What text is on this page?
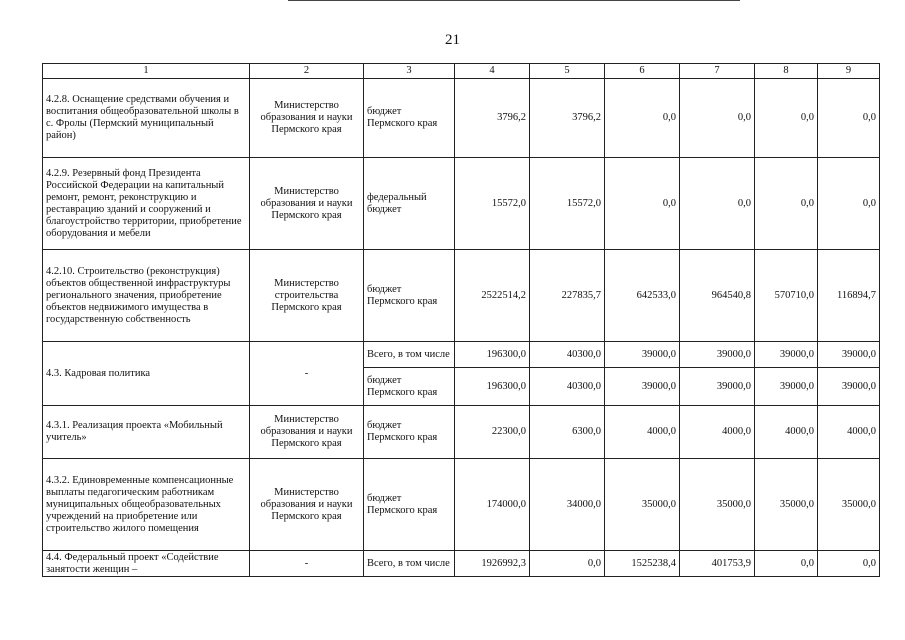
21
1	2	3	4	5	6	7	8	9
4.2.8. Оснащение средствами обучения и воспитания общеобразовательной школы в с. Фролы (Пермский муниципальный район)	Министерство образования и науки Пермского края	бюджет Пермского края	3796,2	3796,2	0,0	0,0	0,0	0,0
4.2.9. Резервный фонд Президента Российской Федерации на капитальный ремонт, ремонт, реконструкцию и реставрацию зданий и сооружений и благоустройство территории, приобретение оборудования и мебели	Министерство образования и науки Пермского края	федеральный бюджет	15572,0	15572,0	0,0	0,0	0,0	0,0
4.2.10. Строительство (реконструкция) объектов общественной инфраструктуры регионального значения, приобретение объектов недвижимого имущества в государственную собственность	Министерство строительства Пермского края	бюджет Пермского края	2522514,2	227835,7	642533,0	964540,8	570710,0	116894,7
4.3. Кадровая политика	-	Всего, в том числе	196300,0	40300,0	39000,0	39000,0	39000,0	39000,0
		бюджет Пермского края	196300,0	40300,0	39000,0	39000,0	39000,0	39000,0
4.3.1. Реализация проекта «Мобильный учитель»	Министерство образования и науки Пермского края	бюджет Пермского края	22300,0	6300,0	4000,0	4000,0	4000,0	4000,0
4.3.2. Единовременные компенсационные выплаты педагогическим работникам муниципальных общеобразовательных учреждений на приобретение или строительство жилого помещения	Министерство образования и науки Пермского края	бюджет Пермского края	174000,0	34000,0	35000,0	35000,0	35000,0	35000,0
4.4. Федеральный проект «Содействие занятости женщин –	-	Всего, в том числе	1926992,3	0,0	1525238,4	401753,9	0,0	0,0
